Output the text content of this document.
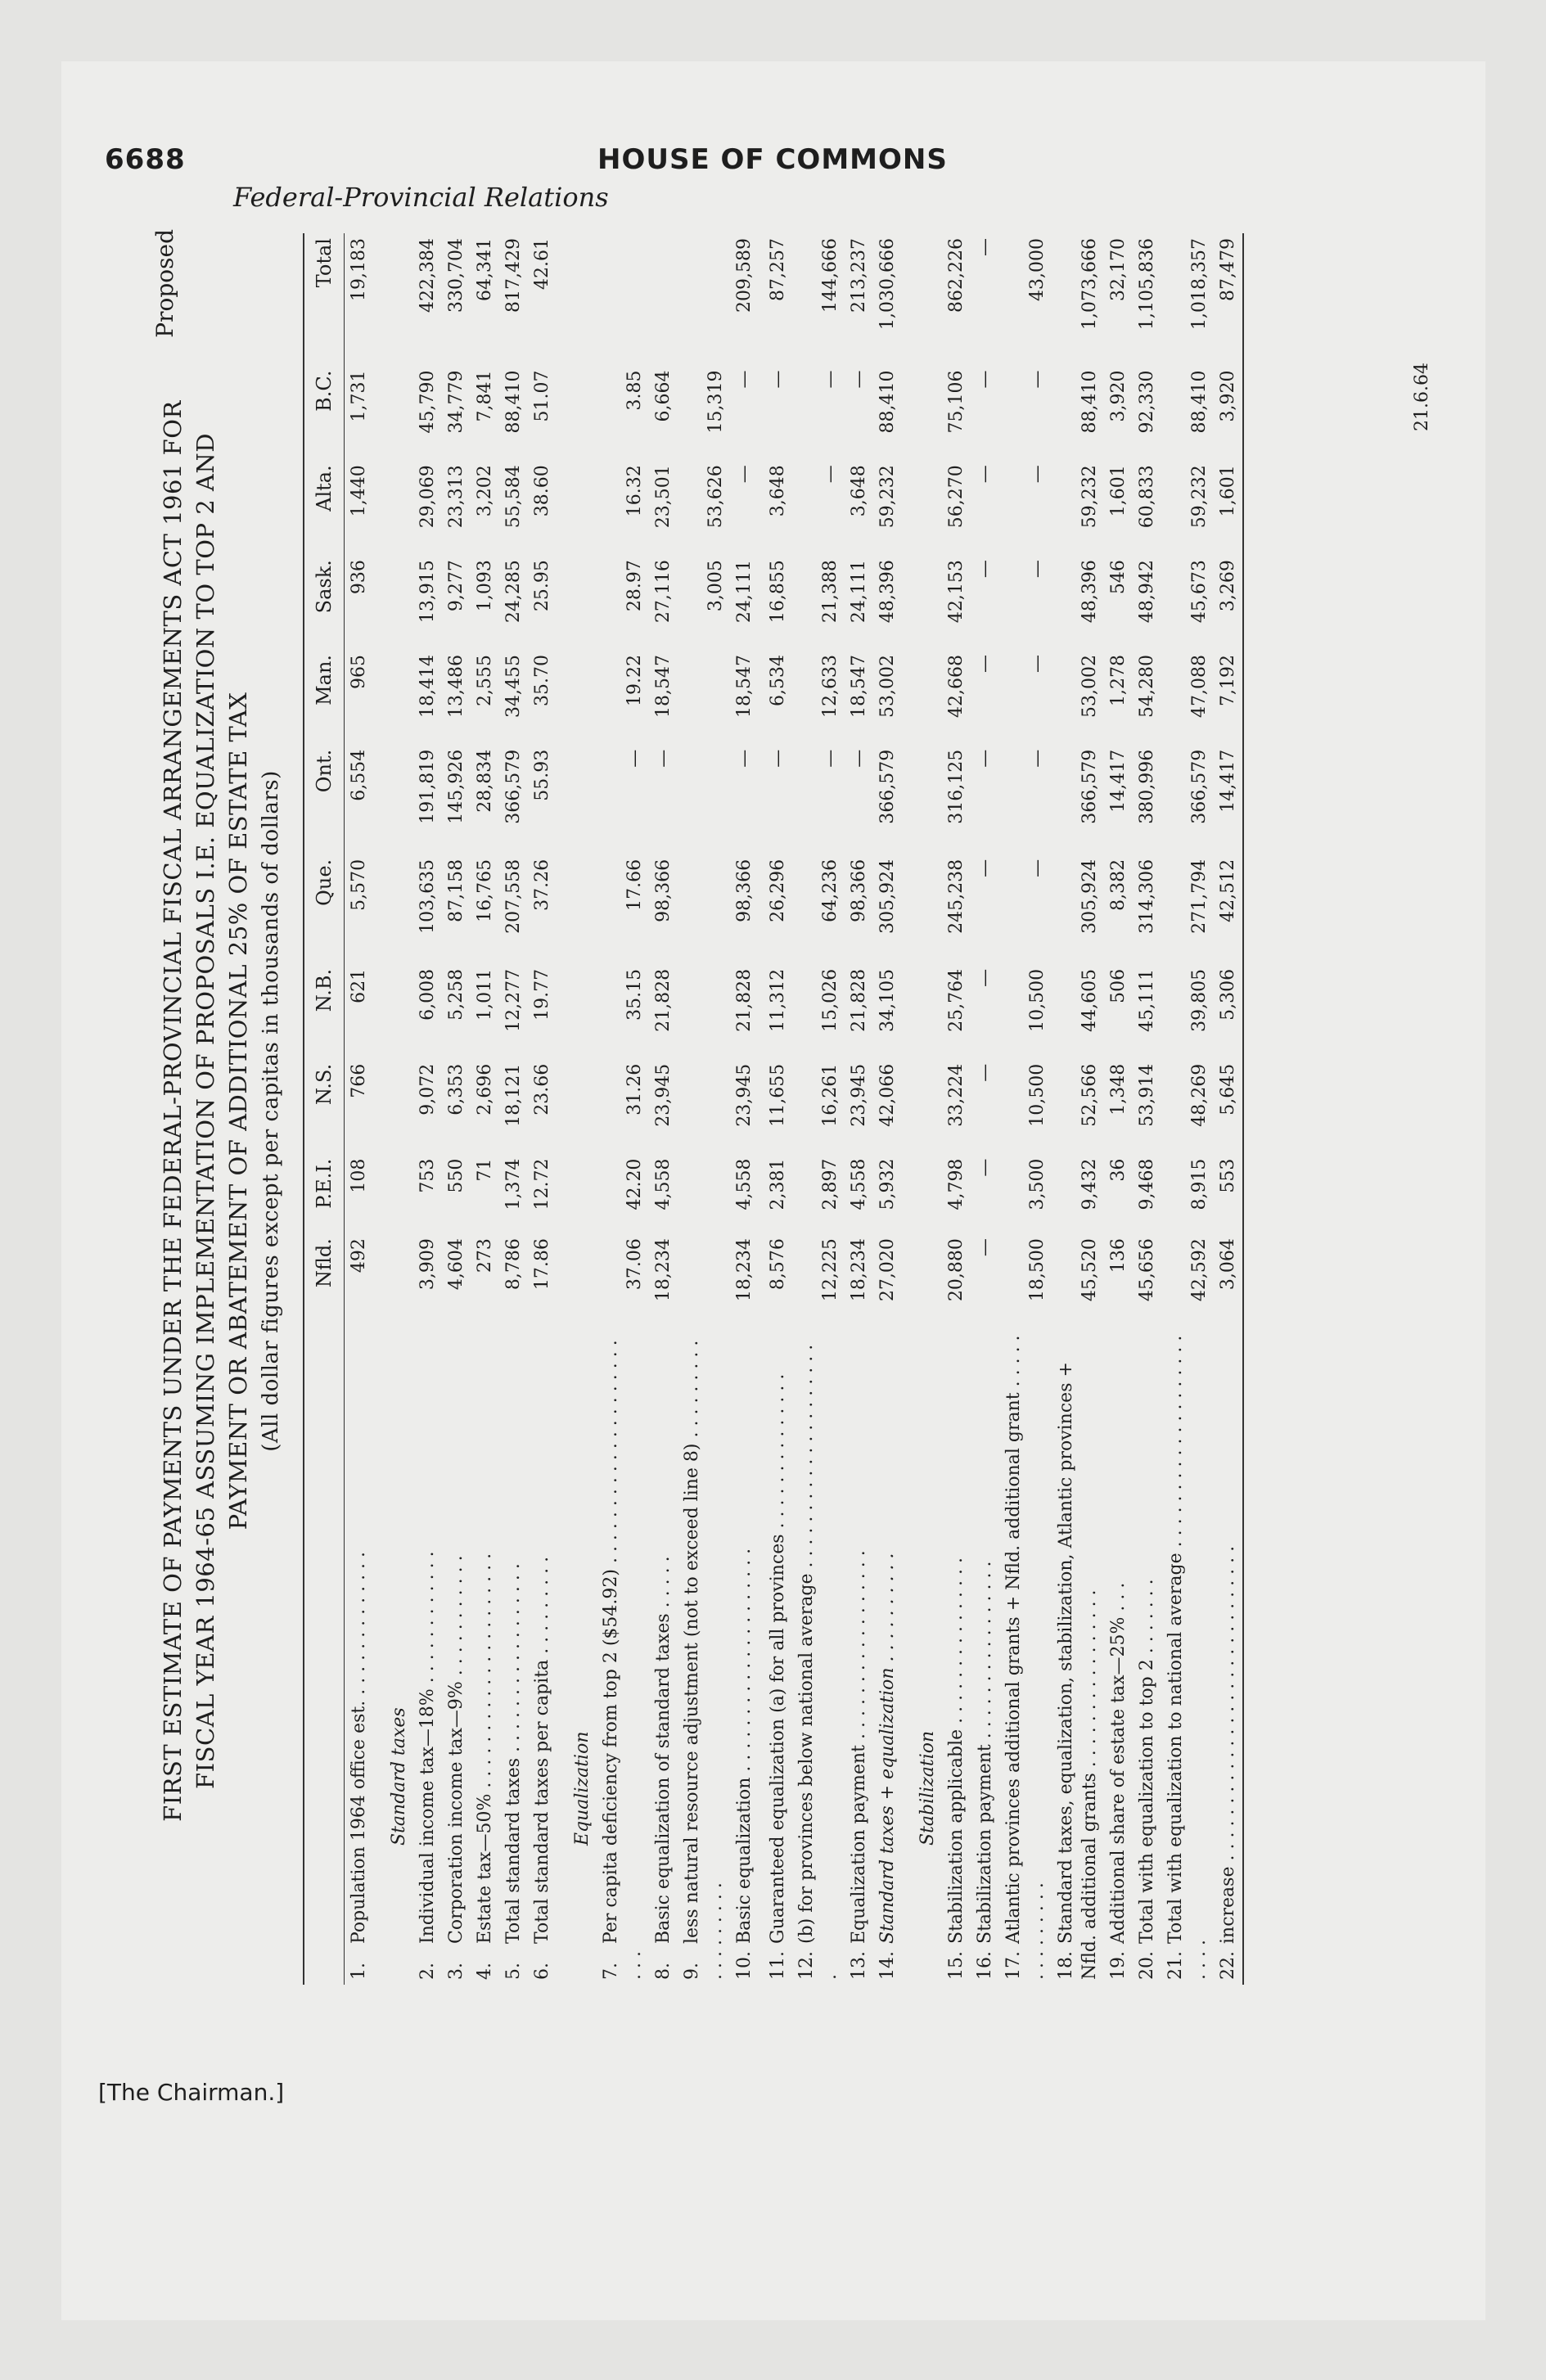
6688	HOUSE OF COMMONS
Federal-Provincial Relations
[The Chairman.]
Proposed
FIRST ESTIMATE OF PAYMENTS UNDER THE FEDERAL-PROVINCIAL FISCAL ARRANGEMENTS ACT 1961 FOR FISCAL YEAR 1964-65 ASSUMING IMPLEMENTATION OF PROPOSALS I.E. EQUALIZATION TO TOP 2 AND PAYMENT OR ABATEMENT OF ADDITIONAL 25% OF ESTATE TAX (All dollar figures except per capitas in thousands of dollars)
	Nfld.	P.E.I.	N.S.	N.B.	Que.	Ont.	Man.	Sask.	Alta.	B.C.	Total
1.Population 1964 office est. . . . . . . . . . . . . .	492	108	766	621	5,570	6,554	965	936	1,440	1,731	19,183

Standard taxes											
2.Individual income tax—18% . . . . . . . . . . . .	3,909	753	9,072	6,008	103,635	191,819	18,414	13,915	29,069	45,790	422,384
3.Corporation income tax—9% . . . . . . . . . . .	4,604	550	6,353	5,258	87,158	145,926	13,486	9,277	23,313	34,779	330,704
4.Estate tax—50% . . . . . . . . . . . . . . . . . . . . .	273	71	2,696	1,011	16,765	28,834	2,555	1,093	3,202	7,841	64,341
5.Total standard taxes . . . . . . . . . . . . . . . . .	8,786	1,374	18,121	12,277	207,558	366,579	34,455	24,285	55,584	88,410	817,429
6.Total standard taxes per capita . . . . . . . . .	17.86	12.72	23.66	19.77	37.26	55.93	35.70	25.95	38.60	51.07	42.61

Equalization											
7.Per capita deficiency from top 2 ($54.92) . . . . . . . . . . . . . . . . . . . . . . .	37.06	42.20	31.26	35.15	17.66	—	19.22	28.97	16.32	3.85	
8.Basic equalization of standard taxes . . . . .	18,234	4,558	23,945	21,828	98,366	—	18,547	27,116	23,501	6,664	
9.less natural resource adjustment (not to exceed line 8) . . . . . . . . . . . . . . . . . .								3,005	53,626	15,319	
10.Basic equalization . . . . . . . . . . . . . . . . . . . .	18,234	4,558	23,945	21,828	98,366	—	18,547	24,111	—	—	209,589
11.Guaranteed equalization (a) for all provinces . . . . . . . . . . . . . .	8,576	2,381	11,655	11,312	26,296	—	6,534	16,855	3,648	—	87,257
12.(b) for provinces below national average . . . . . . . . . . . . . . . . . . . . .	12,225	2,897	16,261	15,026	64,236	—	12,633	21,388	—	—	144,666
13.Equalization payment . . . . . . . . . . . . . . . . .	18,234	4,558	23,945	21,828	98,366	—	18,547	24,111	3,648	—	213,237
14.Standard taxes + equalization . . . . . . . . . .	27,020	5,932	42,066	34,105	305,924	366,579	53,002	48,396	59,232	88,410	1,030,666

Stabilization											
15.Stabilization applicable . . . . . . . . . . . . . . .	20,880	4,798	33,224	25,764	245,238	316,125	42,668	42,153	56,270	75,106	862,226
16.Stabilization payment . . . . . . . . . . . . . . . .	—	—	—	—	—	—	—	—	—	—	—
17.Atlantic provinces additional grants + Nfld. additional grant . . . . . . . . . . . . . .	18,500	3,500	10,500	10,500	—	—	—	—	—	—	43,000
18.Standard taxes, equalization, stabilization, Atlantic provinces + Nfld. additional grants . . . . . . . . . . . . . . . .	45,520	9,432	52,566	44,605	305,924	366,579	53,002	48,396	59,232	88,410	1,073,666
19.Additional share of estate tax—25% . . .	136	36	1,348	506	8,382	14,417	1,278	546	1,601	3,920	32,170
20.Total with equalization to top 2 . . . . . . .	45,656	9,468	53,914	45,111	314,306	380,996	54,280	48,942	60,833	92,330	1,105,836
21.Total with equalization to national average . . . . . . . . . . . . . . . . . . . . . . .	42,592	8,915	48,269	39,805	271,794	366,579	47,088	45,673	59,232	88,410	1,018,357
22.increase . . . . . . . . . . . . . . . . . . . . . . . . . . . .	3,064	553	5,645	5,306	42,512	14,417	7,192	3,269	1,601	3,920	87,479
21.6.64
